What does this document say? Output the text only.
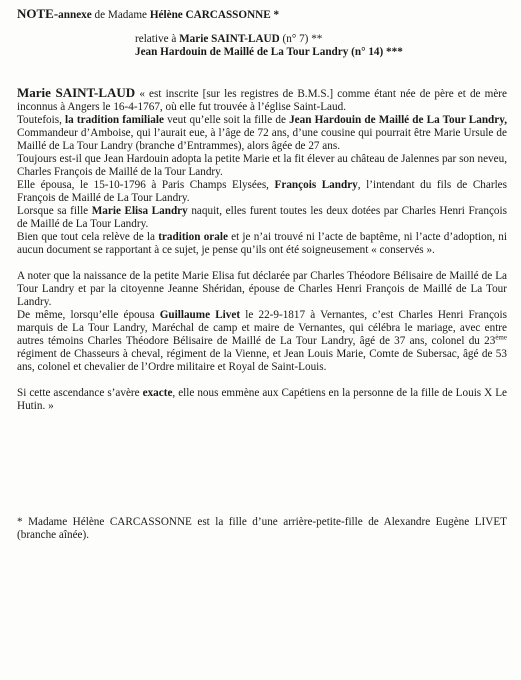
NOTE-annexe de Madame Hélène CARCASSONNE *
relative à Marie SAINT-LAUD (n° 7) **
Jean Hardouin de Maillé de La Tour Landry (n° 14) ***

Marie SAINT-LAUD « est inscrite [sur les registres de B.M.S.] comme étant née de père et de mère inconnus à Angers le 16-4-1767, où elle fut trouvée à l’église Saint-Laud.

Toutefois, la tradition familiale veut qu’elle soit la fille de Jean Hardouin de Maillé de La Tour Landry, Commandeur d’Amboise, qui l’aurait eue, à l’âge de 72 ans, d’une cousine qui pourrait être Marie Ursule de Maillé de La Tour Landry (branche d’Entrammes), alors âgée de 27 ans.

Toujours est-il que Jean Hardouin adopta la petite Marie et la fit élever au château de Jalennes par son neveu, Charles François de Maillé de la Tour Landry.

Elle épousa, le 15-10-1796 à Paris Champs Elysées, François Landry, l’intendant du fils de Charles François de Maillé de La Tour Landry.

Lorsque sa fille Marie Elisa Landry naquit, elles furent toutes les deux dotées par Charles Henri François de Maillé de La Tour Landry.

Bien que tout cela relève de la tradition orale et je n’ai trouvé ni l’acte de baptême, ni l’acte d’adoption, ni aucun document se rapportant à ce sujet, je pense qu’ils ont été soigneusement « conservés ».

A noter que la naissance de la petite Marie Elisa fut déclarée par Charles Théodore Bélisaire de Maillé de La Tour Landry et par la citoyenne Jeanne Shéridan, épouse de Charles Henri François de Maillé de La Tour Landry.

De même, lorsqu’elle épousa Guillaume Livet le 22-9-1817 à Vernantes, c’est Charles Henri François marquis de La Tour Landry, Maréchal de camp et maire de Vernantes, qui célébra le mariage, avec entre autres témoins Charles Théodore Bélisaire de Maillé de La Tour Landry, âgé de 37 ans, colonel du 23ème régiment de Chasseurs à cheval, régiment de la Vienne, et Jean Louis Marie, Comte de Subersac, âgé de 53 ans, colonel et chevalier de l’Ordre militaire et Royal de Saint-Louis.

Si cette ascendance s’avère exacte, elle nous emmène aux Capétiens en la personne de la fille de Louis X Le Hutin. »

* Madame Hélène CARCASSONNE est la fille d’une arrière-petite-fille de Alexandre Eugène LIVET (branche aînée).
